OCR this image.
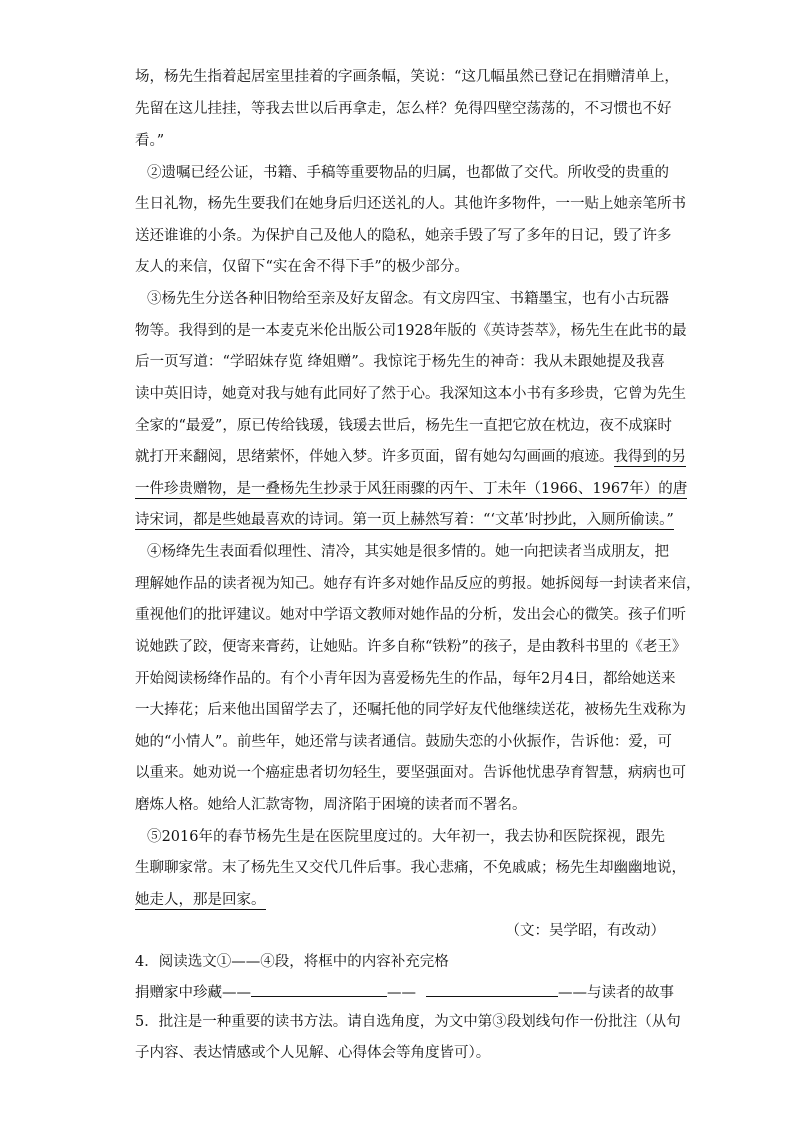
场，杨先生指着起居室里挂着的字画条幅，笑说：“这几幅虽然已登记在捐赠清单上，
先留在这儿挂挂，等我去世以后再拿走，怎么样？免得四壁空荡荡的，不习惯也不好
看。”
②遗嘱已经公证，书籍、手稿等重要物品的归属，也都做了交代。所收受的贵重的
生日礼物，杨先生要我们在她身后归还送礼的人。其他许多物件，一一贴上她亲笔所书
送还谁谁的小条。为保护自己及他人的隐私，她亲手毁了写了多年的日记，毁了许多
友人的来信，仅留下“实在舍不得下手”的极少部分。
③杨先生分送各种旧物给至亲及好友留念。有文房四宝、书籍墨宝，也有小古玩器
物等。我得到的是一本麦克米伦出版公司1928年版的《英诗荟萃》，杨先生在此书的最
后一页写道：“学昭妹存览 绛姐赠”。我惊诧于杨先生的神奇：我从未跟她提及我喜
读中英旧诗，她竟对我与她有此同好了然于心。我深知这本小书有多珍贵，它曾为先生
全家的“最爱”，原已传给钱瑗，钱瑗去世后，杨先生一直把它放在枕边，夜不成寐时
就打开来翻阅，思绪萦怀，伴她入梦。许多页面，留有她勾勾画画的痕迹。 我得到的另
一件珍贵赠物，是一叠杨先生抄录于风狂雨骤的丙午、丁未年（1966、1967年）的唐
诗宋词，都是些她最喜欢的诗词。第一页上赫然写着：“‘文革’时抄此，入厕所偷读。”
④杨绛先生表面看似理性、清冷，其实她是很多情的。她一向把读者当成朋友，把
理解她作品的读者视为知己。她存有许多对她作品反应的剪报。她拆阅每一封读者来信，
重视他们的批评建议。她对中学语文教师对她作品的分析，发出会心的微笑。孩子们听
说她跌了跤，便寄来膏药，让她贴。许多自称“铁粉”的孩子，是由教科书里的《老王》
开始阅读杨绛作品的。有个小青年因为喜爱杨先生的作品，每年2月4日，都给她送来
一大捧花；后来他出国留学去了，还嘱托他的同学好友代他继续送花，被杨先生戏称为
她的“小情人”。前些年，她还常与读者通信。鼓励失恋的小伙振作，告诉他：爱，可
以重来。她劝说一个癌症患者切勿轻生，要坚强面对。告诉他忧患孕育智慧，病病也可
磨炼人格。她给人汇款寄物，周济陷于困境的读者而不署名。
⑤2016年的春节杨先生是在医院里度过的。大年初一，我去协和医院探视，跟先
生聊聊家常。末了杨先生又交代几件后事。我心悲痛，不免戚戚；杨先生却幽幽地说，
她走人，那是回家。
（文：吴学昭，有改动）
4．阅读选文①——④段，将框中的内容补充完格
捐赠家中珍藏——	——	——与读者的故事
5．批注是一种重要的读书方法。请自选角度，为文中第③段划线句作一份批注（从句
子内容、表达情感或个人见解、心得体会等角度皆可）。
